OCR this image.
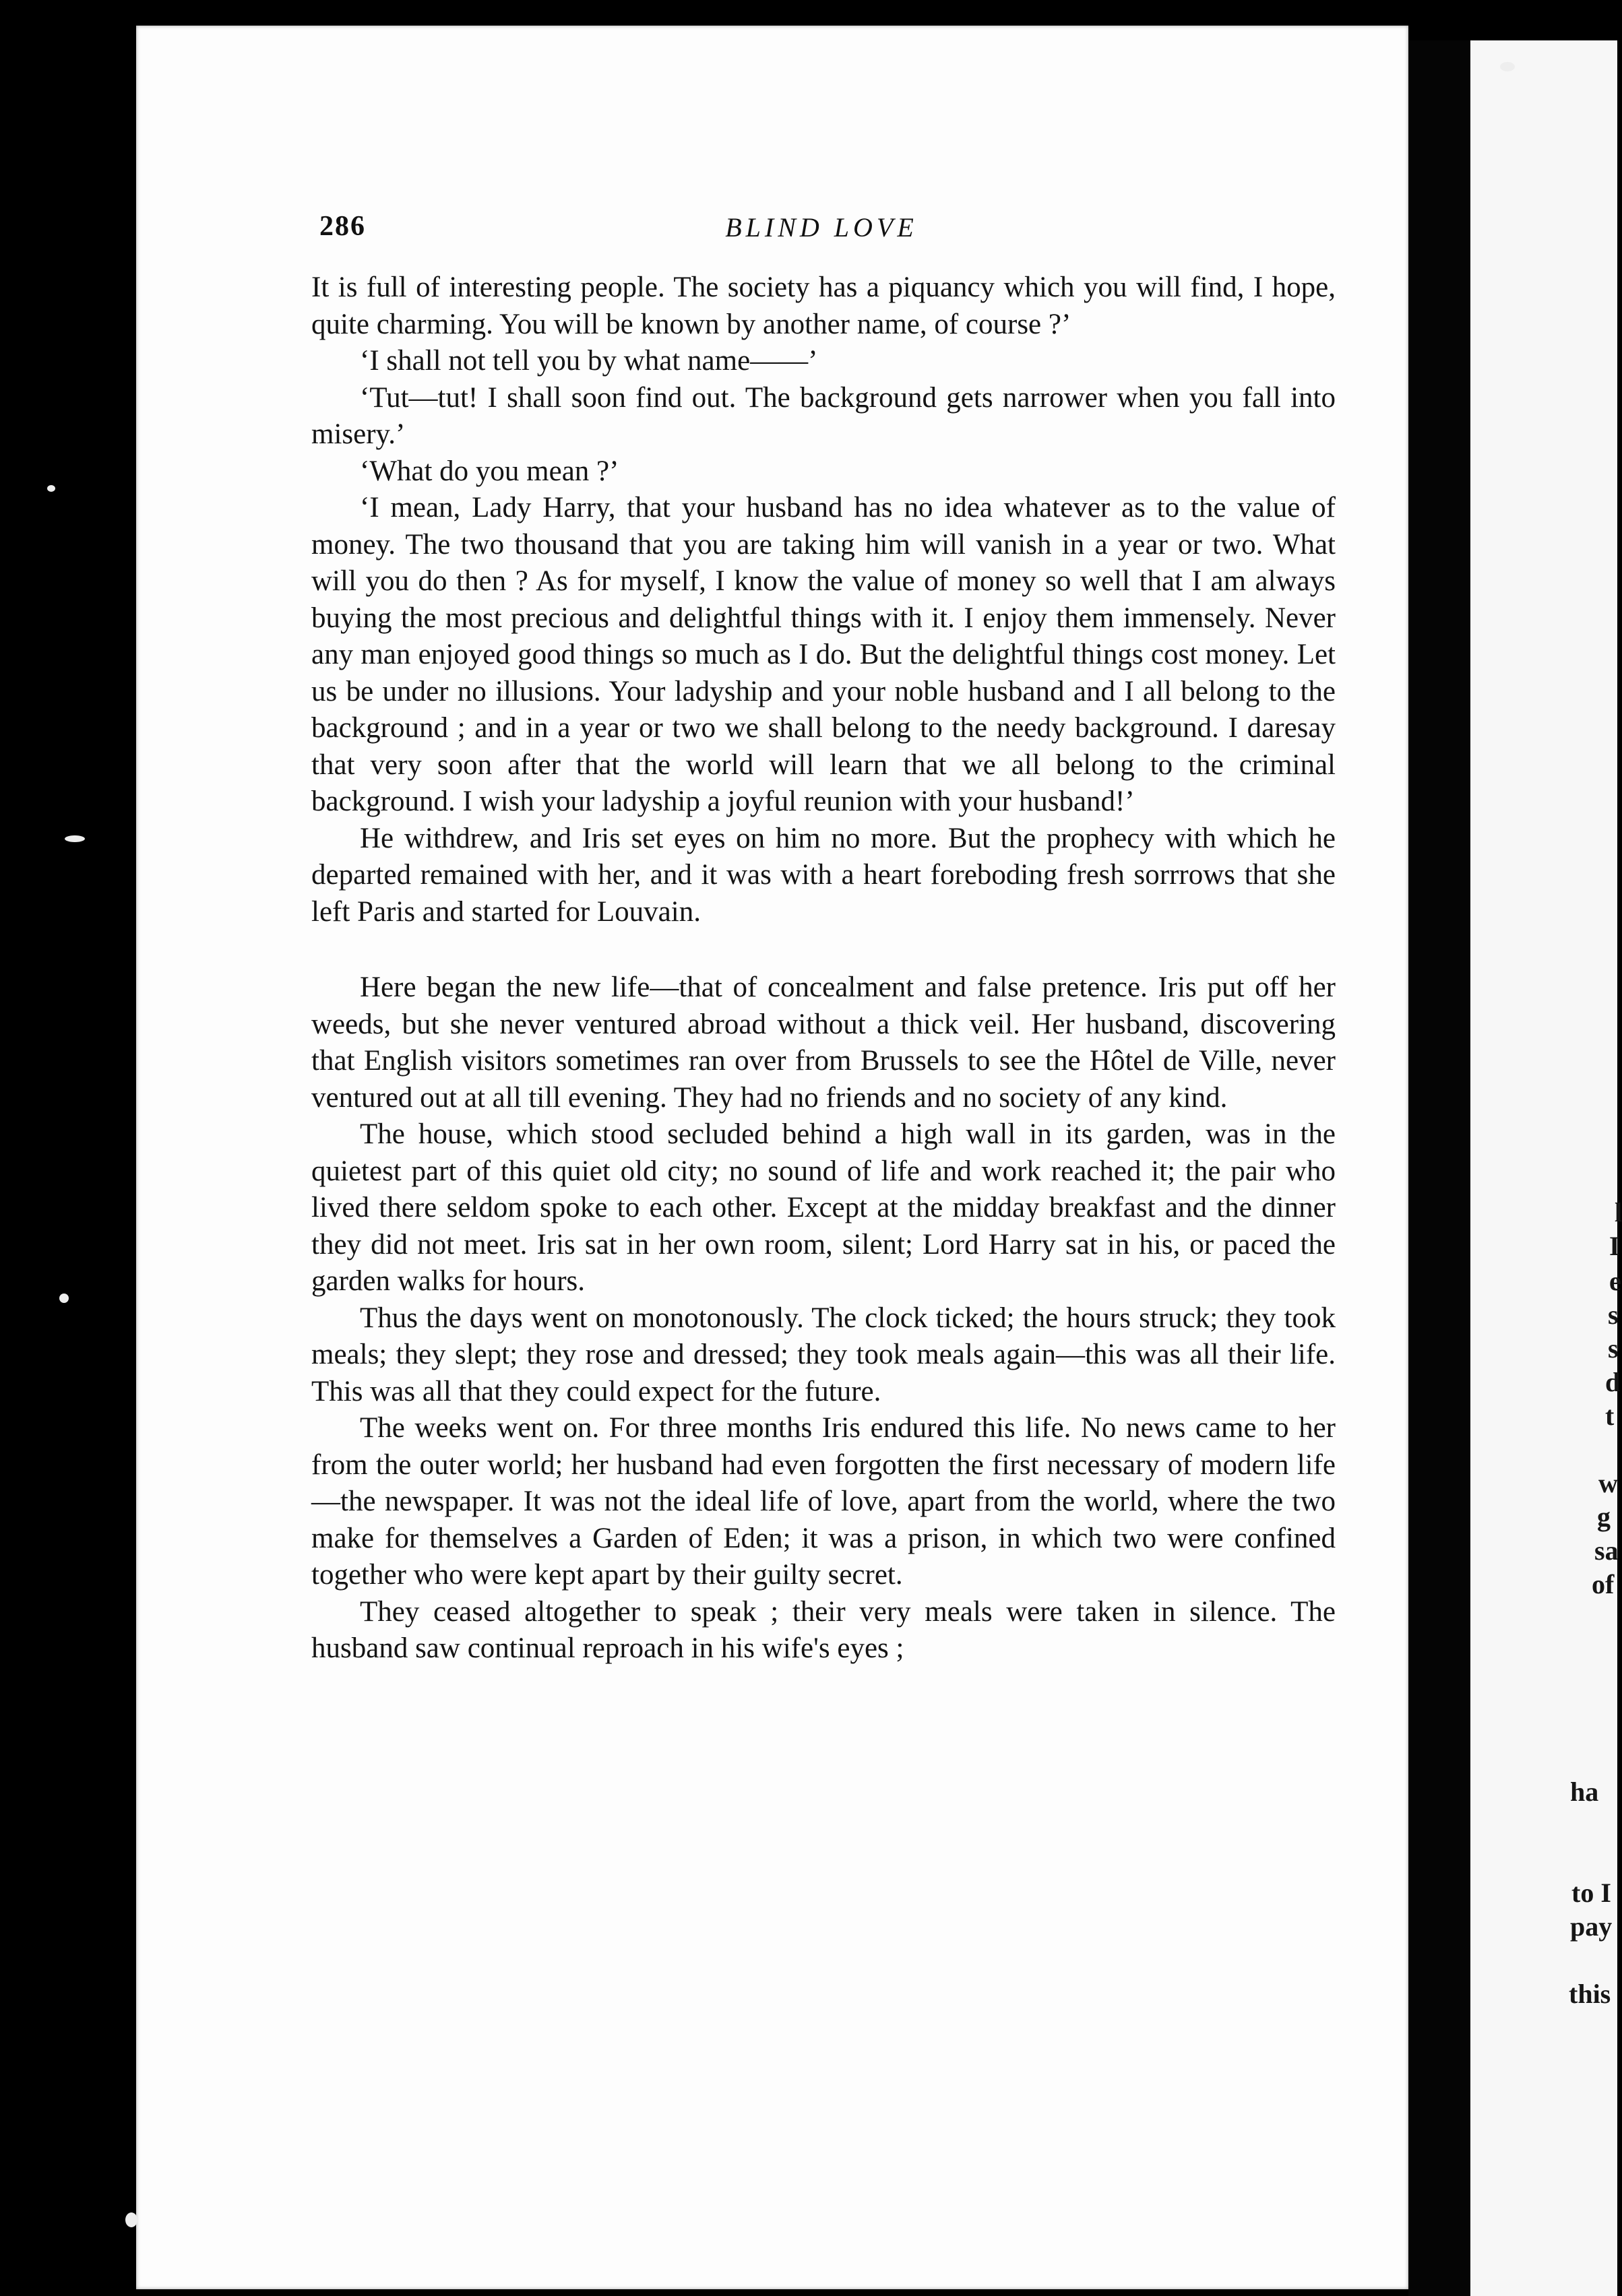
l
I
e
s
s
d
t
w
g
sa
of
ha
to I
pay
this
286	BLIND LOVE

It is full of interesting people. The society has a piquancy which you will find, I hope, quite charming. You will be known by another name, of course ?’

‘I shall not tell you by what name——’

‘Tut—tut! I shall soon find out. The background gets narrower when you fall into misery.’

‘What do you mean ?’

‘I mean, Lady Harry, that your husband has no idea whatever as to the value of money. The two thousand that you are taking him will vanish in a year or two. What will you do then ? As for myself, I know the value of money so well that I am always buying the most precious and delightful things with it. I enjoy them immensely. Never any man enjoyed good things so much as I do. But the delightful things cost money. Let us be under no illusions. Your ladyship and your noble husband and I all belong to the background ; and in a year or two we shall belong to the needy background. I daresay that very soon after that the world will learn that we all belong to the criminal background. I wish your ladyship a joyful reunion with your husband!’

He withdrew, and Iris set eyes on him no more. But the prophecy with which he departed remained with her, and it was with a heart foreboding fresh sorrrows that she left Paris and started for Louvain.

Here began the new life—that of concealment and false pretence. Iris put off her weeds, but she never ventured abroad without a thick veil. Her husband, discovering that English visitors sometimes ran over from Brussels to see the Hôtel de Ville, never ventured out at all till evening. They had no friends and no society of any kind.

The house, which stood secluded behind a high wall in its garden, was in the quietest part of this quiet old city; no sound of life and work reached it; the pair who lived there seldom spoke to each other. Except at the midday breakfast and the dinner they did not meet. Iris sat in her own room, silent; Lord Harry sat in his, or paced the garden walks for hours.

Thus the days went on monotonously. The clock ticked; the hours struck; they took meals; they slept; they rose and dressed; they took meals again—this was all their life. This was all that they could expect for the future.

The weeks went on. For three months Iris endured this life. No news came to her from the outer world; her husband had even forgotten the first necessary of modern life—the newspaper. It was not the ideal life of love, apart from the world, where the two make for themselves a Garden of Eden; it was a prison, in which two were confined together who were kept apart by their guilty secret.

They ceased altogether to speak ; their very meals were taken in silence. The husband saw continual reproach in his wife's eyes ;
